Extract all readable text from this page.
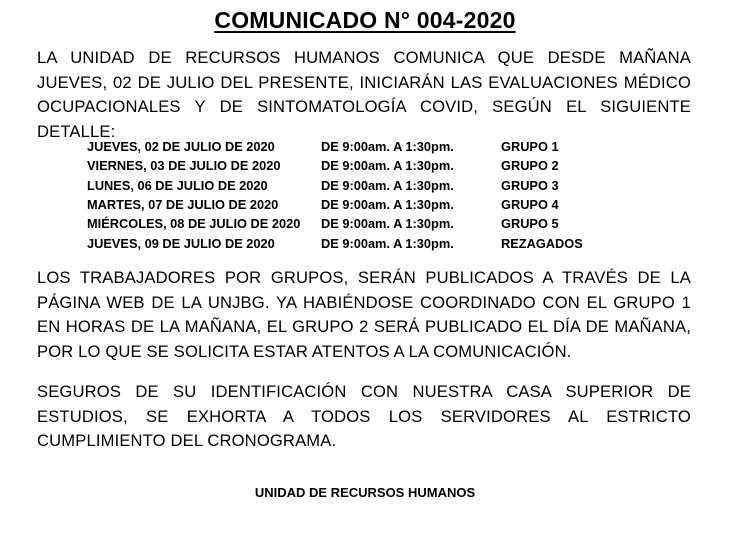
COMUNICADO N° 004-2020
LA UNIDAD DE RECURSOS HUMANOS COMUNICA QUE DESDE MAÑANA JUEVES, 02 DE JULIO DEL PRESENTE, INICIARÁN LAS EVALUACIONES MÉDICO OCUPACIONALES Y DE SINTOMATOLOGÍA COVID, SEGÚN EL SIGUIENTE DETALLE:
JUEVES, 02 DE JULIO DE 2020	DE 9:00am. A 1:30pm.	GRUPO 1
VIERNES, 03 DE JULIO DE 2020	DE 9:00am. A 1:30pm.	GRUPO 2
LUNES, 06 DE JULIO DE 2020	DE 9:00am. A 1:30pm.	GRUPO 3
MARTES, 07 DE JULIO DE 2020	DE 9:00am. A 1:30pm.	GRUPO 4
MIÉRCOLES, 08 DE JULIO DE 2020	DE 9:00am. A 1:30pm.	GRUPO 5
JUEVES, 09 DE JULIO DE 2020	DE 9:00am. A 1:30pm.	REZAGADOS
LOS TRABAJADORES POR GRUPOS, SERÁN PUBLICADOS A TRAVÉS DE LA PÁGINA WEB DE LA UNJBG. YA HABIÉNDOSE COORDINADO CON EL GRUPO 1 EN HORAS DE LA MAÑANA, EL GRUPO 2 SERÁ PUBLICADO EL DÍA DE MAÑANA, POR LO QUE SE SOLICITA ESTAR ATENTOS A LA COMUNICACIÓN.
SEGUROS DE SU IDENTIFICACIÓN CON NUESTRA CASA SUPERIOR DE ESTUDIOS, SE EXHORTA A TODOS LOS SERVIDORES AL ESTRICTO CUMPLIMIENTO DEL CRONOGRAMA.
UNIDAD DE RECURSOS HUMANOS
